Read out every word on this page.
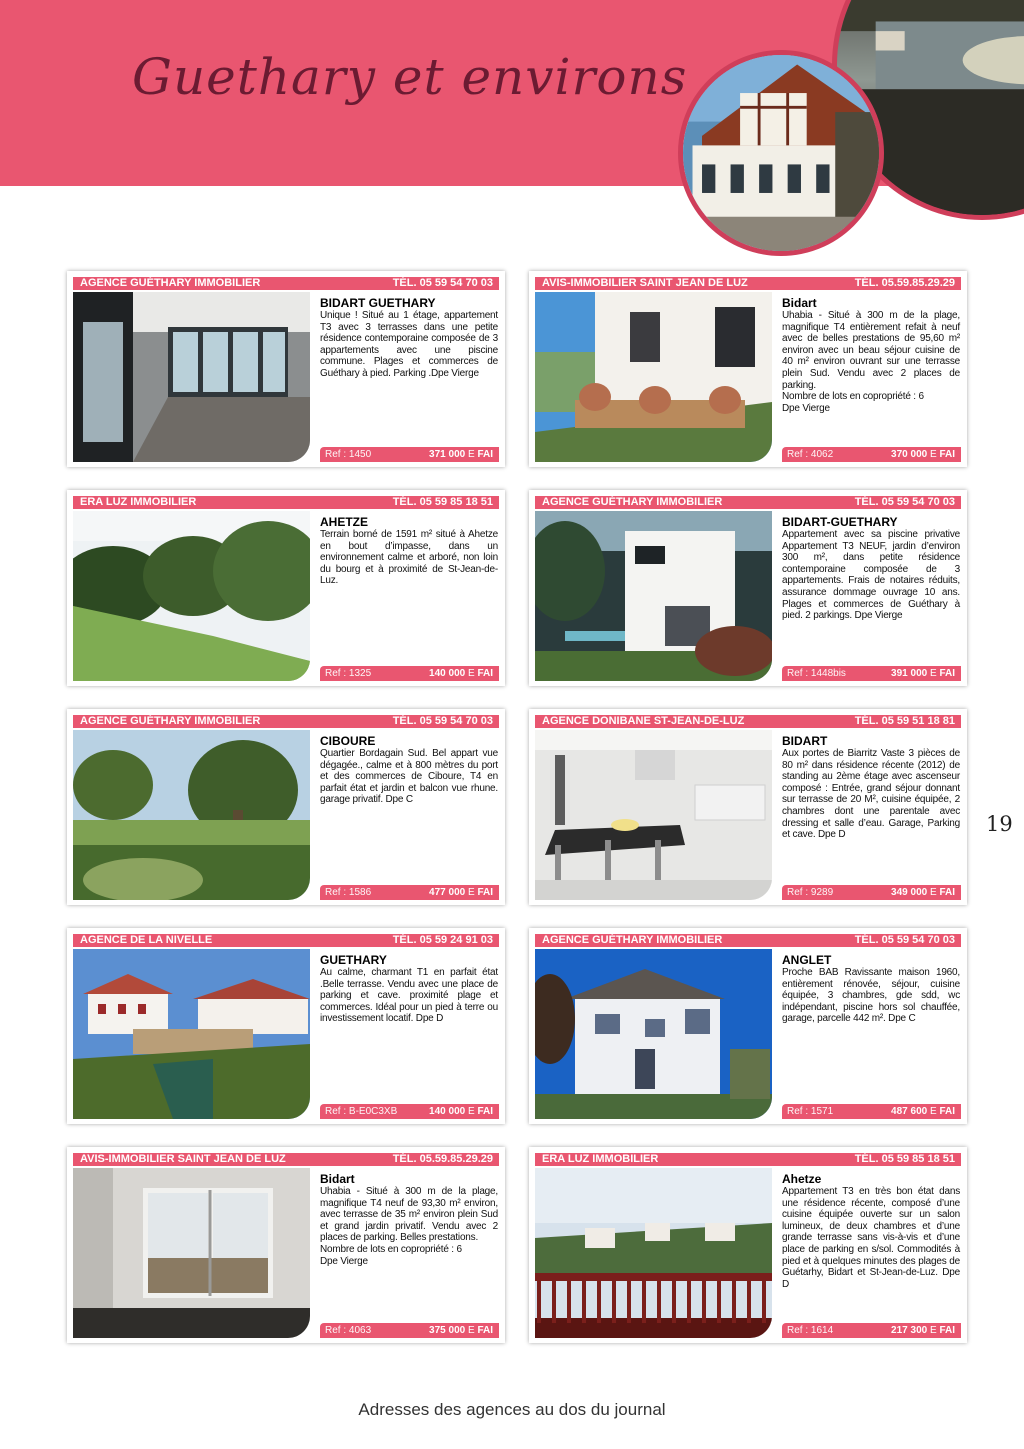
Guethary et environs
AGENCE GUÉTHARY IMMOBILIER	TÉL. 05 59 54 70 03
BIDART GUETHARY
Unique ! Situé au 1 étage, appartement T3 avec 3 terrasses dans une petite résidence contemporaine composée de 3 appartements avec une piscine commune. Plages et commerces de Guéthary à pied. Parking .Dpe Vierge
Ref : 1450	371 000 E FAI
AVIS-IMMOBILIER SAINT JEAN DE LUZ	TÉL. 05.59.85.29.29
Bidart
Uhabia - Situé à 300 m de la plage, magnifique T4 entièrement refait à neuf avec de belles prestations de 95,60 m² environ avec un beau séjour cuisine de 40 m² environ ouvrant sur une terrasse plein Sud. Vendu avec 2 places de parking.
Nombre de lots en copropriété : 6
Dpe Vierge
Ref : 4062	370 000 E FAI
ERA LUZ IMMOBILIER	TÉL. 05 59 85 18 51
AHETZE
Terrain borné de 1591 m² situé à Ahetze en bout d’impasse, dans un environnement calme et arboré, non loin du bourg et à proximité de St-Jean-de-Luz.
Ref : 1325	140 000 E FAI
AGENCE GUÉTHARY IMMOBILIER	TÉL. 05 59 54 70 03
BIDART-GUETHARY
Appartement avec sa piscine privative Appartement T3 NEUF, jardin d’environ 300 m², dans petite résidence contemporaine composée de 3 appartements. Frais de notaires réduits, assurance dommage ouvrage 10 ans. Plages et commerces de Guéthary à pied. 2 parkings. Dpe Vierge
Ref : 1448bis	391 000 E FAI
AGENCE GUÉTHARY IMMOBILIER	TÉL. 05 59 54 70 03
CIBOURE
Quartier Bordagain Sud. Bel appart vue dégagée., calme et à 800 mètres du port et des commerces de Ciboure, T4 en parfait état et jardin et balcon vue rhune. garage privatif. Dpe C
Ref : 1586	477 000 E FAI
AGENCE DONIBANE ST-JEAN-DE-LUZ	TÉL. 05 59 51 18 81
BIDART
Aux portes de Biarritz Vaste 3 pièces de 80 m² dans résidence récente (2012) de standing au 2ème étage avec ascenseur composé : Entrée, grand séjour donnant sur terrasse de 20 M², cuisine équipée, 2 chambres dont une parentale avec dressing et salle d’eau. Garage, Parking et cave. Dpe D
Ref : 9289	349 000 E FAI
AGENCE DE LA NIVELLE	TÉL. 05 59 24 91 03
GUETHARY
Au calme, charmant T1 en parfait état .Belle terrasse. Vendu avec une place de parking et cave. proximité plage et commerces. Idéal pour un pied à terre ou investissement locatif. Dpe D
Ref : B-E0C3XB	140 000 E FAI
AGENCE GUÉTHARY IMMOBILIER	TÉL. 05 59 54 70 03
ANGLET
Proche BAB Ravissante maison 1960, entièrement rénovée, séjour, cuisine équipée, 3 chambres, gde sdd, wc indépendant, piscine hors sol chauffée, garage, parcelle 442 m². Dpe C
Ref : 1571	487 600 E FAI
AVIS-IMMOBILIER SAINT JEAN DE LUZ	TÉL. 05.59.85.29.29
Bidart
Uhabia - Situé à 300 m de la plage, magnifique T4 neuf de 93,30 m² environ, avec terrasse de 35 m² environ plein Sud et grand jardin privatif. Vendu avec 2 places de parking. Belles prestations.
Nombre de lots en copropriété : 6
Dpe Vierge
Ref : 4063	375 000 E FAI
ERA LUZ IMMOBILIER	TÉL. 05 59 85 18 51
Ahetze
Appartement T3 en très bon état dans une résidence récente, composé d’une cuisine équipée ouverte sur un salon lumineux, de deux chambres et d’une grande terrasse sans vis-à-vis et d’une place de parking en s/sol. Commodités à pied et à quelques minutes des plages de Guétarhy, Bidart et St-Jean-de-Luz. Dpe D
Ref : 1614	217 300 E FAI
19
Adresses des agences au dos du journal
